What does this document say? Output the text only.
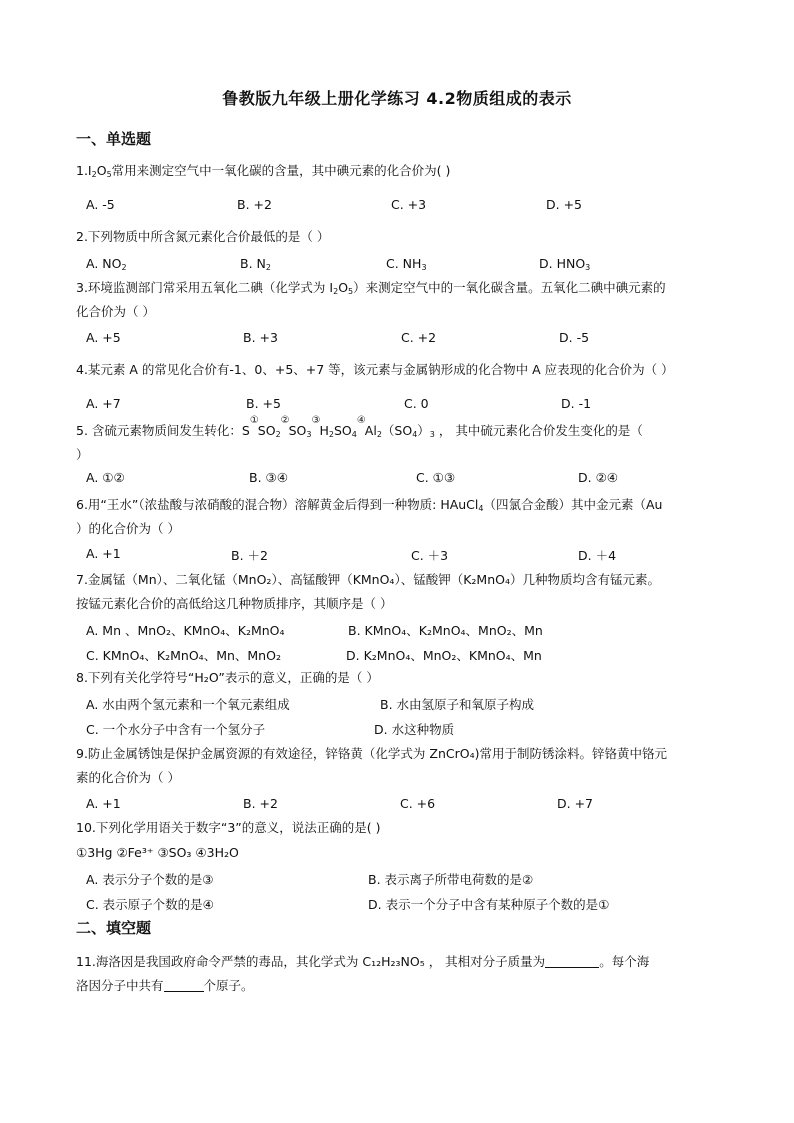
鲁教版九年级上册化学练习 4.2物质组成的表示
一、单选题
$1.I_2O_5$常用来测定空气中一氧化碳的含量，其中碘元素的化合价为( )
A. -5	B. +2	C. +3	D. +5
2.下列物质中所含氮元素化合价最低的是（ ）
A. $NO_2$	B. $N_2$	C. $NH_3$	D. $HNO_3$
3.环境监测部门常采用五氧化二碘（化学式为 $I_2O_5$）来测定空气中的一氧化碳含量。五氧化二碘中碘元素的
化合价为（ ）
A. +5	B. +3	C. +2	D. -5
4.某元素 A 的常见化合价有-1、0、+5、+7 等，该元素与金属钠形成的化合物中 A 应表现的化合价为（ ）
A. +7	B. +5	C. 0	D. -1
5. 含硫元素物质间发生转化：S
①
$SO_2$
②
$SO_3$
③
$H_2SO_4$
④
$Al_2(SO_4)_3$ ， 其中硫元素化合价发生变化的是（
）
A. ①②	B. ③④	C. ①③	D. ②④
6.用“王水”（浓盐酸与浓硝酸的混合物）溶解黄金后得到一种物质: HAuCl$_4$（四氯合金酸）其中金元素（Au
）的化合价为（ ）
A. +1	B. ＋2	C. ＋3	D. ＋4
7.金属锰（Mn）、二氧化锰（MnO₂）、高锰酸钾（KMnO₄）、锰酸钾（K₂MnO₄）几种物质均含有锰元素。
按锰元素化合价的高低给这几种物质排序，其顺序是（ ）
A. Mn 、MnO₂、KMnO₄、K₂MnO₄	B. KMnO₄、K₂MnO₄、MnO₂、Mn
C. KMnO₄、K₂MnO₄、Mn、MnO₂	D. K₂MnO₄、MnO₂、KMnO₄、Mn
8.下列有关化学符号“H₂O”表示的意义，正确的是（ ）
A. 水由两个氢元素和一个氧元素组成	B. 水由氢原子和氧原子构成
C. 一个水分子中含有一个氢分子	D. 水这种物质
9.防止金属锈蚀是保护金属资源的有效途径，锌铬黄（化学式为 ZnCrO₄)常用于制防锈涂料。锌铬黄中铬元
素的化合价为（ ）
A. +1	B. +2	C. +6	D. +7
10.下列化学用语关于数字“3”的意义，说法正确的是( )
①3Hg ②Fe³⁺ ③SO₃ ④3H₂O
A. 表示分子个数的是③	B. 表示离子所带电荷数的是②
C. 表示原子个数的是④	D. 表示一个分子中含有某种原子个数的是①
二、填空题
11.海洛因是我国政府命令严禁的毒品，其化学式为 C₁₂H₂₃NO₅ ， 其相对分子质量为	。每个海
洛因分子中共有	个原子。
